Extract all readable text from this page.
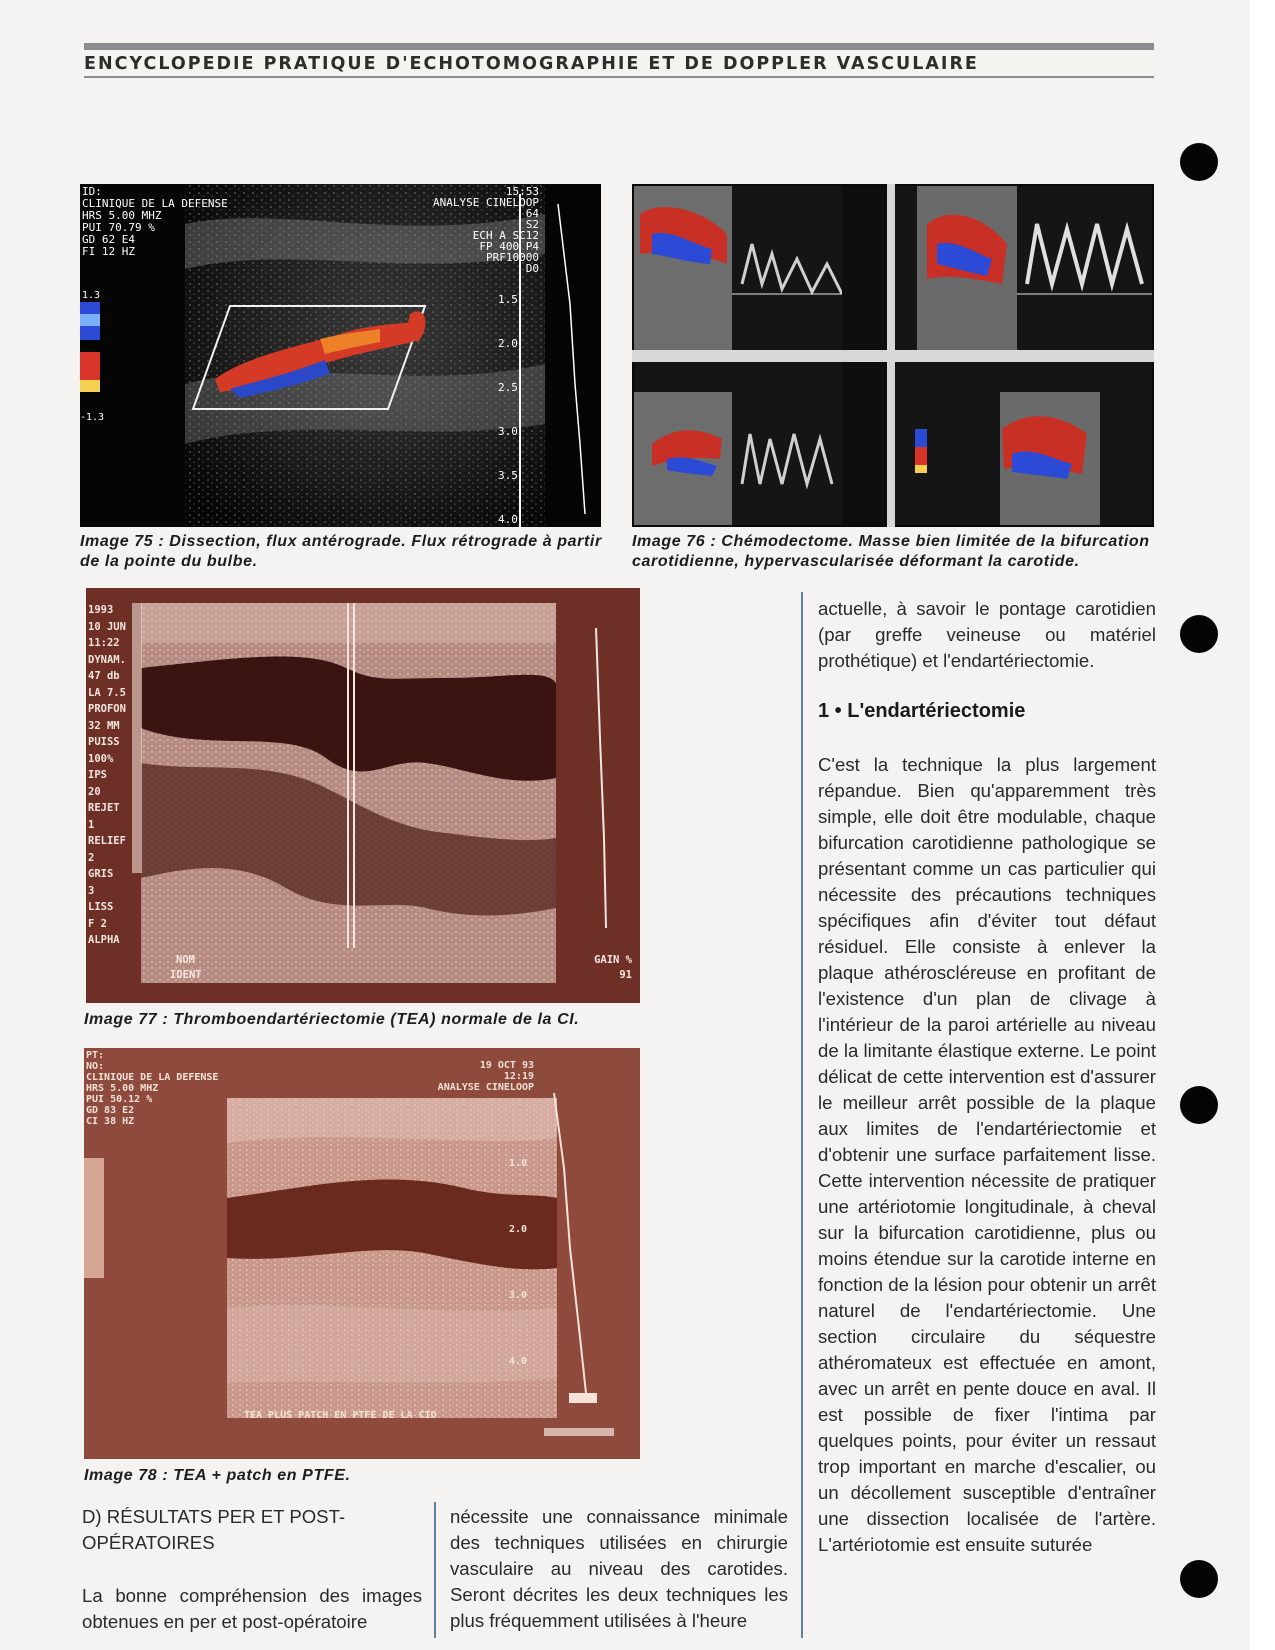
ENCYCLOPEDIE PRATIQUE D'ECHOTOMOGRAPHIE ET DE DOPPLER VASCULAIRE
ID:
CLINIQUE DE LA DEFENSE
HRS 5.00 MHZ
PUI 70.79 %
GD 62 E4
FI 12 HZ
15:53
ANALYSE CINELOOP
64
S2
ECH A SC12
FP 400 P4
PRF10000
D0
1.3
-1.3
1.5
2.0
2.5
3.0
3.5
4.0
Image 75 : Dissection, flux antérograde. Flux rétrograde à partir de la pointe du bulbe.
Image 76 : Chémodectome. Masse bien limitée de la bifurcation carotidienne, hypervascularisée déformant la carotide.
1993
10 JUN
11:22
DYNAM.
47 db
LA 7.5
PROFON
32 MM
PUISS
100%
IPS
20
REJET
1
RELIEF
2
GRIS
3
LISS
F 2
ALPHA
NOM
IDENT
GAIN %
91
Image 77 : Thromboendartériectomie (TEA) normale de la CI.
PT:
NO:
CLINIQUE DE LA DEFENSE
HRS 5.00 MHZ
PUI 50.12 %
GD 83 E2
CI 38 HZ
19 OCT 93
12:19
ANALYSE CINELOOP
1.0
2.0
3.0
4.0
TEA PLUS PATCH EN PTFE DE LA CID
Image 78 : TEA + patch en PTFE.
D) RÉSULTATS PER ET POST-OPÉRATOIRES

La bonne compréhension des images obtenues en per et post-opératoire

nécessite une connaissance minimale des techniques utilisées en chirurgie vasculaire au niveau des carotides. Seront décrites les deux techniques les plus fréquemment utilisées à l'heure

actuelle, à savoir le pontage carotidien (par greffe veineuse ou matériel prothétique) et l'endartériectomie.

1 • L'endartériectomie

C'est la technique la plus largement répandue. Bien qu'apparemment très simple, elle doit être modulable, chaque bifurcation carotidienne pathologique se présentant comme un cas particulier qui nécessite des précautions techniques spécifiques afin d'éviter tout défaut résiduel. Elle consiste à enlever la plaque athéroscléreuse en profitant de l'existence d'un plan de clivage à l'intérieur de la paroi artérielle au niveau de la limitante élastique externe. Le point délicat de cette intervention est d'assurer le meilleur arrêt possible de la plaque aux limites de l'endartériectomie et d'obtenir une surface parfaitement lisse. Cette intervention nécessite de pratiquer une artériotomie longitudinale, à cheval sur la bifurcation carotidienne, plus ou moins étendue sur la carotide interne en fonction de la lésion pour obtenir un arrêt naturel de l'endartériectomie. Une section circulaire du séquestre athéromateux est effectuée en amont, avec un arrêt en pente douce en aval. Il est possible de fixer l'intima par quelques points, pour éviter un ressaut trop important en marche d'escalier, ou un décollement susceptible d'entraîner une dissection localisée de l'artère. L'artériotomie est ensuite suturée
